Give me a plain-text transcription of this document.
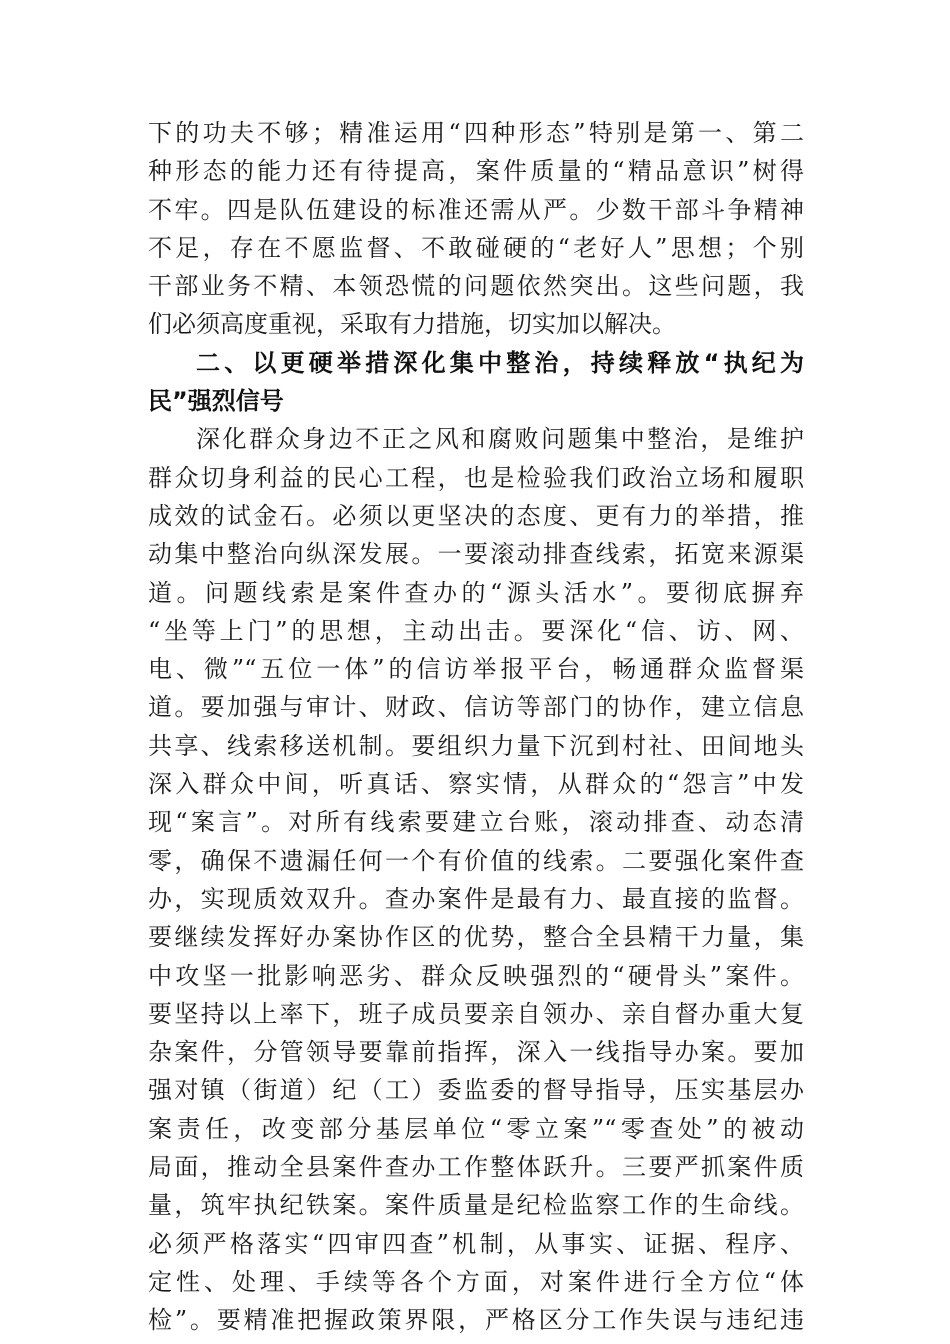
下的功夫不够；精准运用“四种形态”特别是第一、第二
种形态的能力还有待提高，案件质量的“精品意识”树得
不牢。四是队伍建设的标准还需从严。少数干部斗争精神
不足，存在不愿监督、不敢碰硬的“老好人”思想；个别
干部业务不精、本领恐慌的问题依然突出。这些问题，我
们必须高度重视，采取有力措施，切实加以解决。
二、以更硬举措深化集中整治，持续释放“执纪为
民”强烈信号
深化群众身边不正之风和腐败问题集中整治，是维护
群众切身利益的民心工程，也是检验我们政治立场和履职
成效的试金石。必须以更坚决的态度、更有力的举措，推
动集中整治向纵深发展。一要滚动排查线索，拓宽来源渠
道。问题线索是案件查办的“源头活水”。要彻底摒弃
“坐等上门”的思想，主动出击。要深化“信、访、网、
电、微”“五位一体”的信访举报平台，畅通群众监督渠
道。要加强与审计、财政、信访等部门的协作，建立信息
共享、线索移送机制。要组织力量下沉到村社、田间地头
深入群众中间，听真话、察实情，从群众的“怨言”中发
现“案言”。对所有线索要建立台账，滚动排查、动态清
零，确保不遗漏任何一个有价值的线索。二要强化案件查
办，实现质效双升。查办案件是最有力、最直接的监督。
要继续发挥好办案协作区的优势，整合全县精干力量，集
中攻坚一批影响恶劣、群众反映强烈的“硬骨头”案件。
要坚持以上率下，班子成员要亲自领办、亲自督办重大复
杂案件，分管领导要靠前指挥，深入一线指导办案。要加
强对镇（街道）纪（工）委监委的督导指导，压实基层办
案责任，改变部分基层单位“零立案”“零查处”的被动
局面，推动全县案件查办工作整体跃升。三要严抓案件质
量，筑牢执纪铁案。案件质量是纪检监察工作的生命线。
必须严格落实“四审四查”机制，从事实、证据、程序、
定性、处理、手续等各个方面，对案件进行全方位“体
检”。要精准把握政策界限，严格区分工作失误与违纪违
